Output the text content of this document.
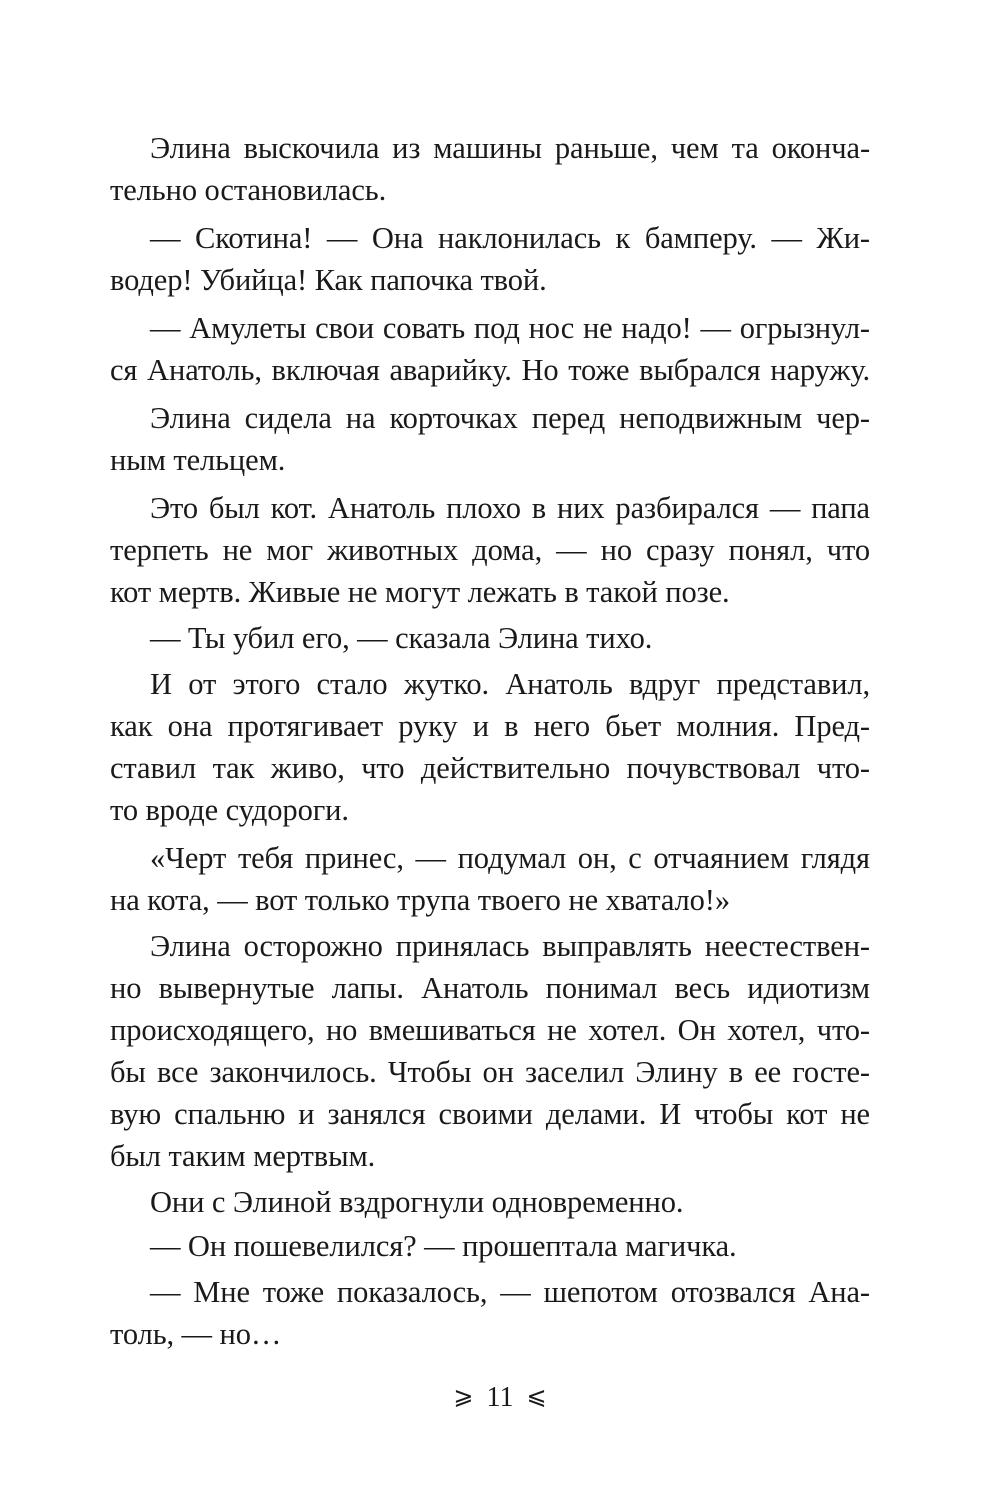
Элина выскочила из машины раньше, чем та оконча-
тельно остановилась.
— Скотина! — Она наклонилась к бамперу. — Жи-
водер! Убийца! Как папочка твой.
— Амулеты свои совать под нос не надо! — огрызнул-
ся Анатоль, включая аварийку. Но тоже выбрался наружу.
Элина сидела на корточках перед неподвижным чер-
ным тельцем.
Это был кот. Анатоль плохо в них разбирался — папа
терпеть не мог животных дома, — но сразу понял, что
кот мертв. Живые не могут лежать в такой позе.
— Ты убил его, — сказала Элина тихо.
И от этого стало жутко. Анатоль вдруг представил,
как она протягивает руку и в него бьет молния. Пред-
ставил так живо, что действительно почувствовал что-
то вроде судороги.
«Черт тебя принес, — подумал он, с отчаянием глядя
на кота, — вот только трупа твоего не хватало!»
Элина осторожно принялась выправлять неестествен-
но вывернутые лапы. Анатоль понимал весь идиотизм
происходящего, но вмешиваться не хотел. Он хотел, что-
бы все закончилось. Чтобы он заселил Элину в ее госте-
вую спальню и занялся своими делами. И чтобы кот не
был таким мертвым.
Они с Элиной вздрогнули одновременно.
— Он пошевелился? — прошептала магичка.
— Мне тоже показалось, — шепотом отозвался Ана-
толь, — но…
⩾ 11 ⩽
